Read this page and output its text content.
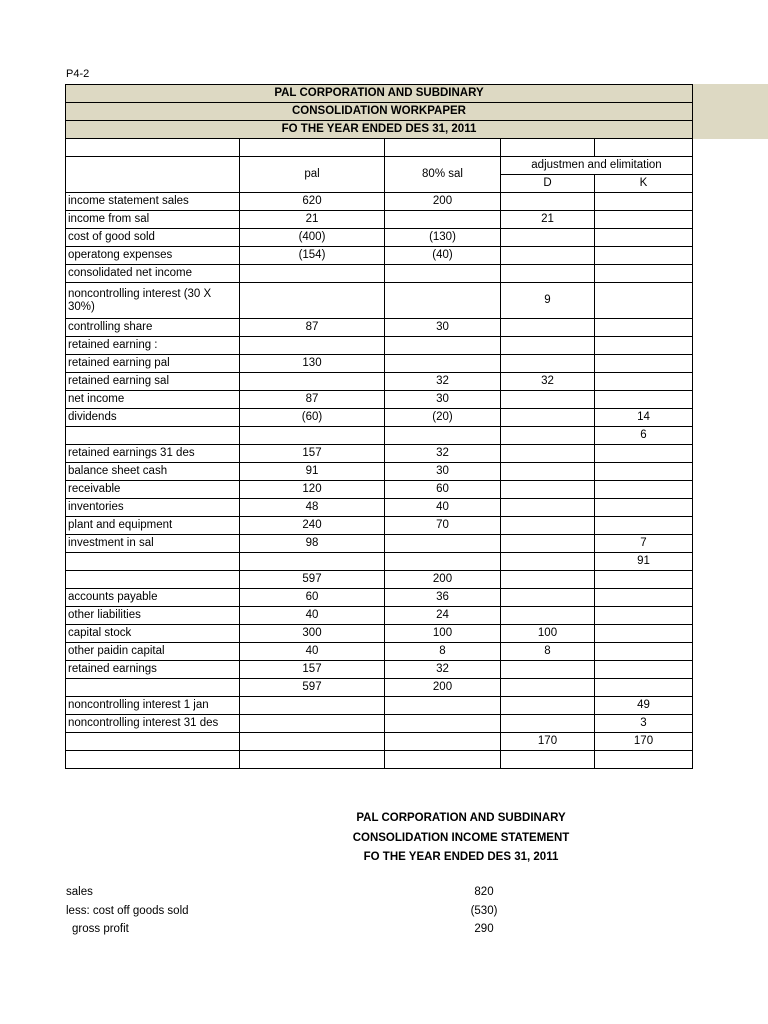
P4-2
PAL CORPORATION AND SUBDINARY				
CONSOLIDATION WORKPAPER				
FO THE YEAR ENDED DES 31, 2011				

	pal	80% sal	adjustmen and elimitation	
			D	K
income statement sales	620	200		
income from sal	21		21	
cost of good sold	(400)	(130)		
operatong expenses	(154)	(40)		
consolidated net income				
noncontrolling interest (30 X 30%)			9	
controlling share	87	30		
retained earning :				
retained earning pal	130			
retained earning sal		32	32	
net income	87	30		
dividends	(60)	(20)		14
				6
retained earnings 31 des	157	32		
balance sheet cash	91	30		
receivable	120	60		
inventories	48	40		
plant and equipment	240	70		
investment in sal	98			7
				91
	597	200		
accounts payable	60	36		
other liabilities	40	24		
capital stock	300	100	100	
other paidin capital	40	8	8	
retained earnings	157	32		
	597	200		
noncontrolling interest 1 jan				49
noncontrolling interest 31 des				3
			170	170

PAL CORPORATION AND SUBDINARY
CONSOLIDATION INCOME STATEMENT
FO THE YEAR ENDED DES 31, 2011
sales	820
less: cost off goods sold	(530)
gross profit	290
